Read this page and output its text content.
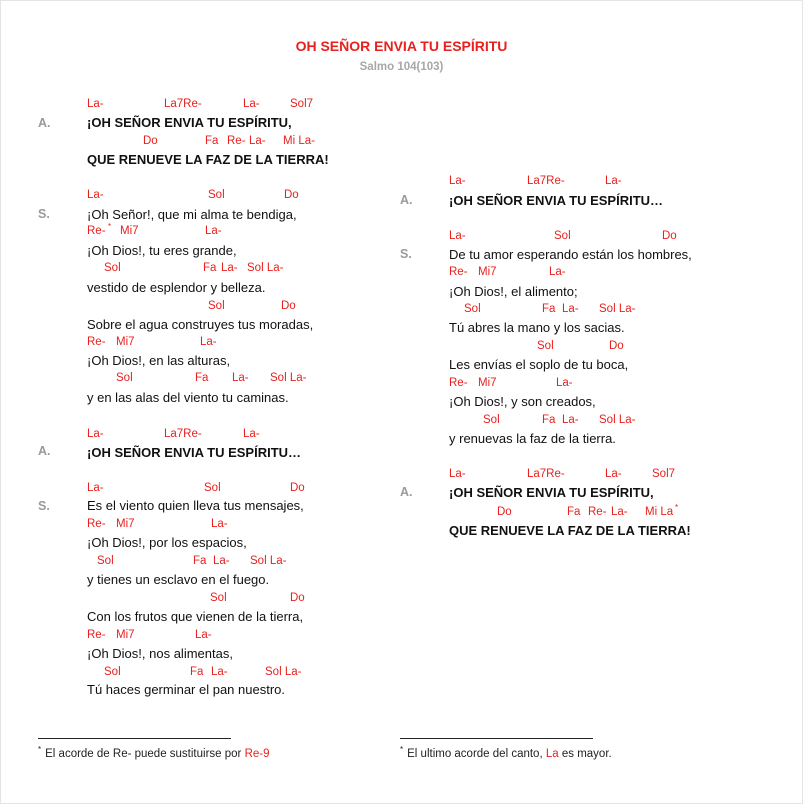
OH SEÑOR ENVIA TU ESPÍRITU
Salmo 104(103)
A.
S.
A.
S.
La-	La7Re-	La-	Sol7
Do	Fa Re- La- Mi La-
La-	Sol	Do
Re- * Mi7	La-
Sol	Fa La- Sol La-
Sol	Do
Re- Mi7	La-
Sol	Fa La- Sol La-
La-	La7Re-	La-
La-	Sol	Do
Re- Mi7	La-
Sol	Fa La- Sol La-
Sol	Do
Re- Mi7	La-
Sol	Fa La-	Sol La-
¡OH SEÑOR ENVIA TU ESPÍRITU,
QUE RENUEVE LA FAZ DE LA TIERRA!
¡Oh Señor!, que mi alma te bendiga,
¡Oh Dios!, tu eres grande,
vestido de esplendor y belleza.
Sobre el agua construyes tus moradas,
¡Oh Dios!, en las alturas,
y en las alas del viento tu caminas.
¡OH SEÑOR ENVIA TU ESPÍRITU…
Es el viento quien lleva tus mensajes,
¡Oh Dios!, por los espacios,
y tienes un esclavo en el fuego.
Con los frutos que vienen de la tierra,
¡Oh Dios!, nos alimentas,
Tú haces germinar el pan nuestro.
A.
S.
A.
La-	La7Re-	La-
La-	Sol	Do
Re- Mi7	La-
Sol	Fa La- Sol La-
Sol	Do
Re- Mi7	La-
Sol	Fa La- Sol La-
La-	La7Re-	La-	Sol7
Do	Fa Re- La- Mi La *
¡OH SEÑOR ENVIA TU ESPÍRITU…
De tu amor esperando están los hombres,
¡Oh Dios!, el alimento;
Tú abres la mano y los sacias.
Les envías el soplo de tu boca,
¡Oh Dios!, y son creados,
y renuevas la faz de la tierra.
¡OH SEÑOR ENVIA TU ESPÍRITU,
QUE RENUEVE LA FAZ DE LA TIERRA!
* El acorde de Re- puede sustituirse por Re-9	* El ultimo acorde del canto, La es mayor.
